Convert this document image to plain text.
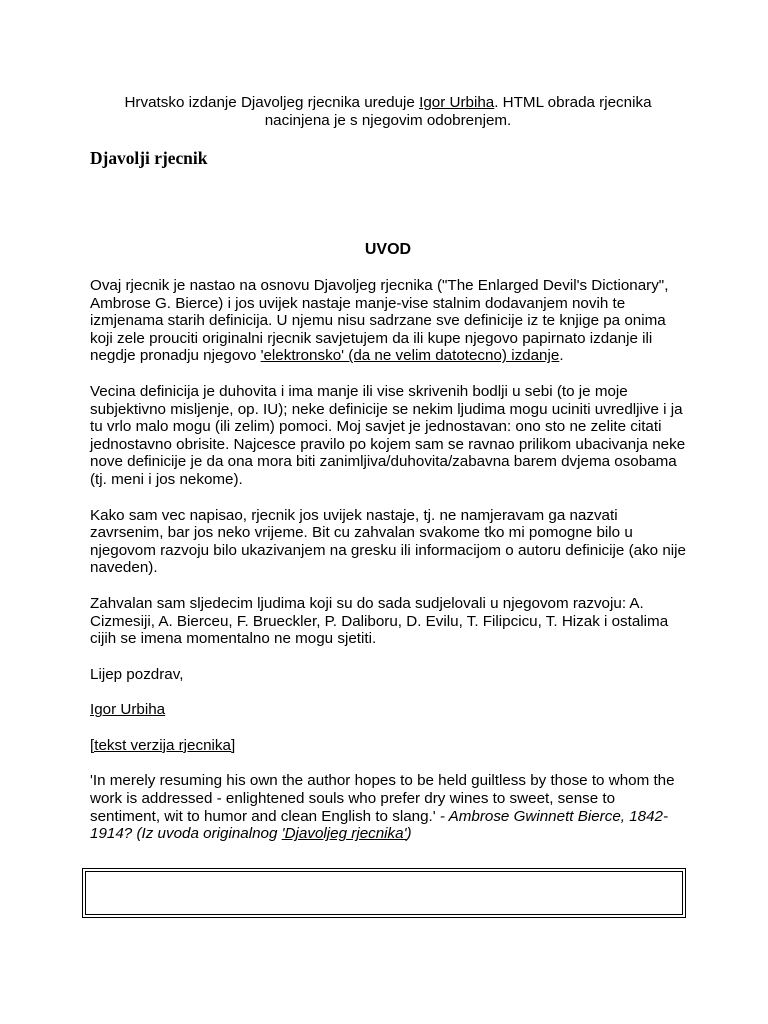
Hrvatsko izdanje Djavoljeg rjecnika ureduje Igor Urbiha. HTML obrada rjecnika nacinjena je s njegovim odobrenjem.
Djavolji rjecnik
UVOD

Ovaj rjecnik je nastao na osnovu Djavoljeg rjecnika ("The Enlarged Devil's Dictionary", Ambrose G. Bierce) i jos uvijek nastaje manje-vise stalnim dodavanjem novih te izmjenama starih definicija. U njemu nisu sadrzane sve definicije iz te knjige pa onima koji zele prouciti originalni rjecnik savjetujem da ili kupe njegovo papirnato izdanje ili negdje pronadju njegovo 'elektronsko' (da ne velim datotecno) izdanje.

Vecina definicija je duhovita i ima manje ili vise skrivenih bodlji u sebi (to je moje subjektivno misljenje, op. IU); neke definicije se nekim ljudima mogu uciniti uvredljive i ja tu vrlo malo mogu (ili zelim) pomoci. Moj savjet je jednostavan: ono sto ne zelite citati jednostavno obrisite. Najcesce pravilo po kojem sam se ravnao prilikom ubacivanja neke nove definicije je da ona mora biti zanimljiva/duhovita/zabavna barem dvjema osobama (tj. meni i jos nekome).

Kako sam vec napisao, rjecnik jos uvijek nastaje, tj. ne namjeravam ga nazvati zavrsenim, bar jos neko vrijeme. Bit cu zahvalan svakome tko mi pomogne bilo u njegovom razvoju bilo ukazivanjem na gresku ili informacijom o autoru definicije (ako nije naveden).

Zahvalan sam sljedecim ljudima koji su do sada sudjelovali u njegovom razvoju: A. Cizmesiji, A. Bierceu, F. Brueckler, P. Daliboru, D. Evilu, T. Filipcicu, T. Hizak i ostalima cijih se imena momentalno ne mogu sjetiti.

Lijep pozdrav,

Igor Urbiha

[tekst verzija rjecnika]

'In merely resuming his own the author hopes to be held guiltless by those to whom the work is addressed - enlightened souls who prefer dry wines to sweet, sense to sentiment, wit to humor and clean English to slang.' - Ambrose Gwinnett Bierce, 1842-1914? (Iz uvoda originalnog 'Djavoljeg rjecnika')
